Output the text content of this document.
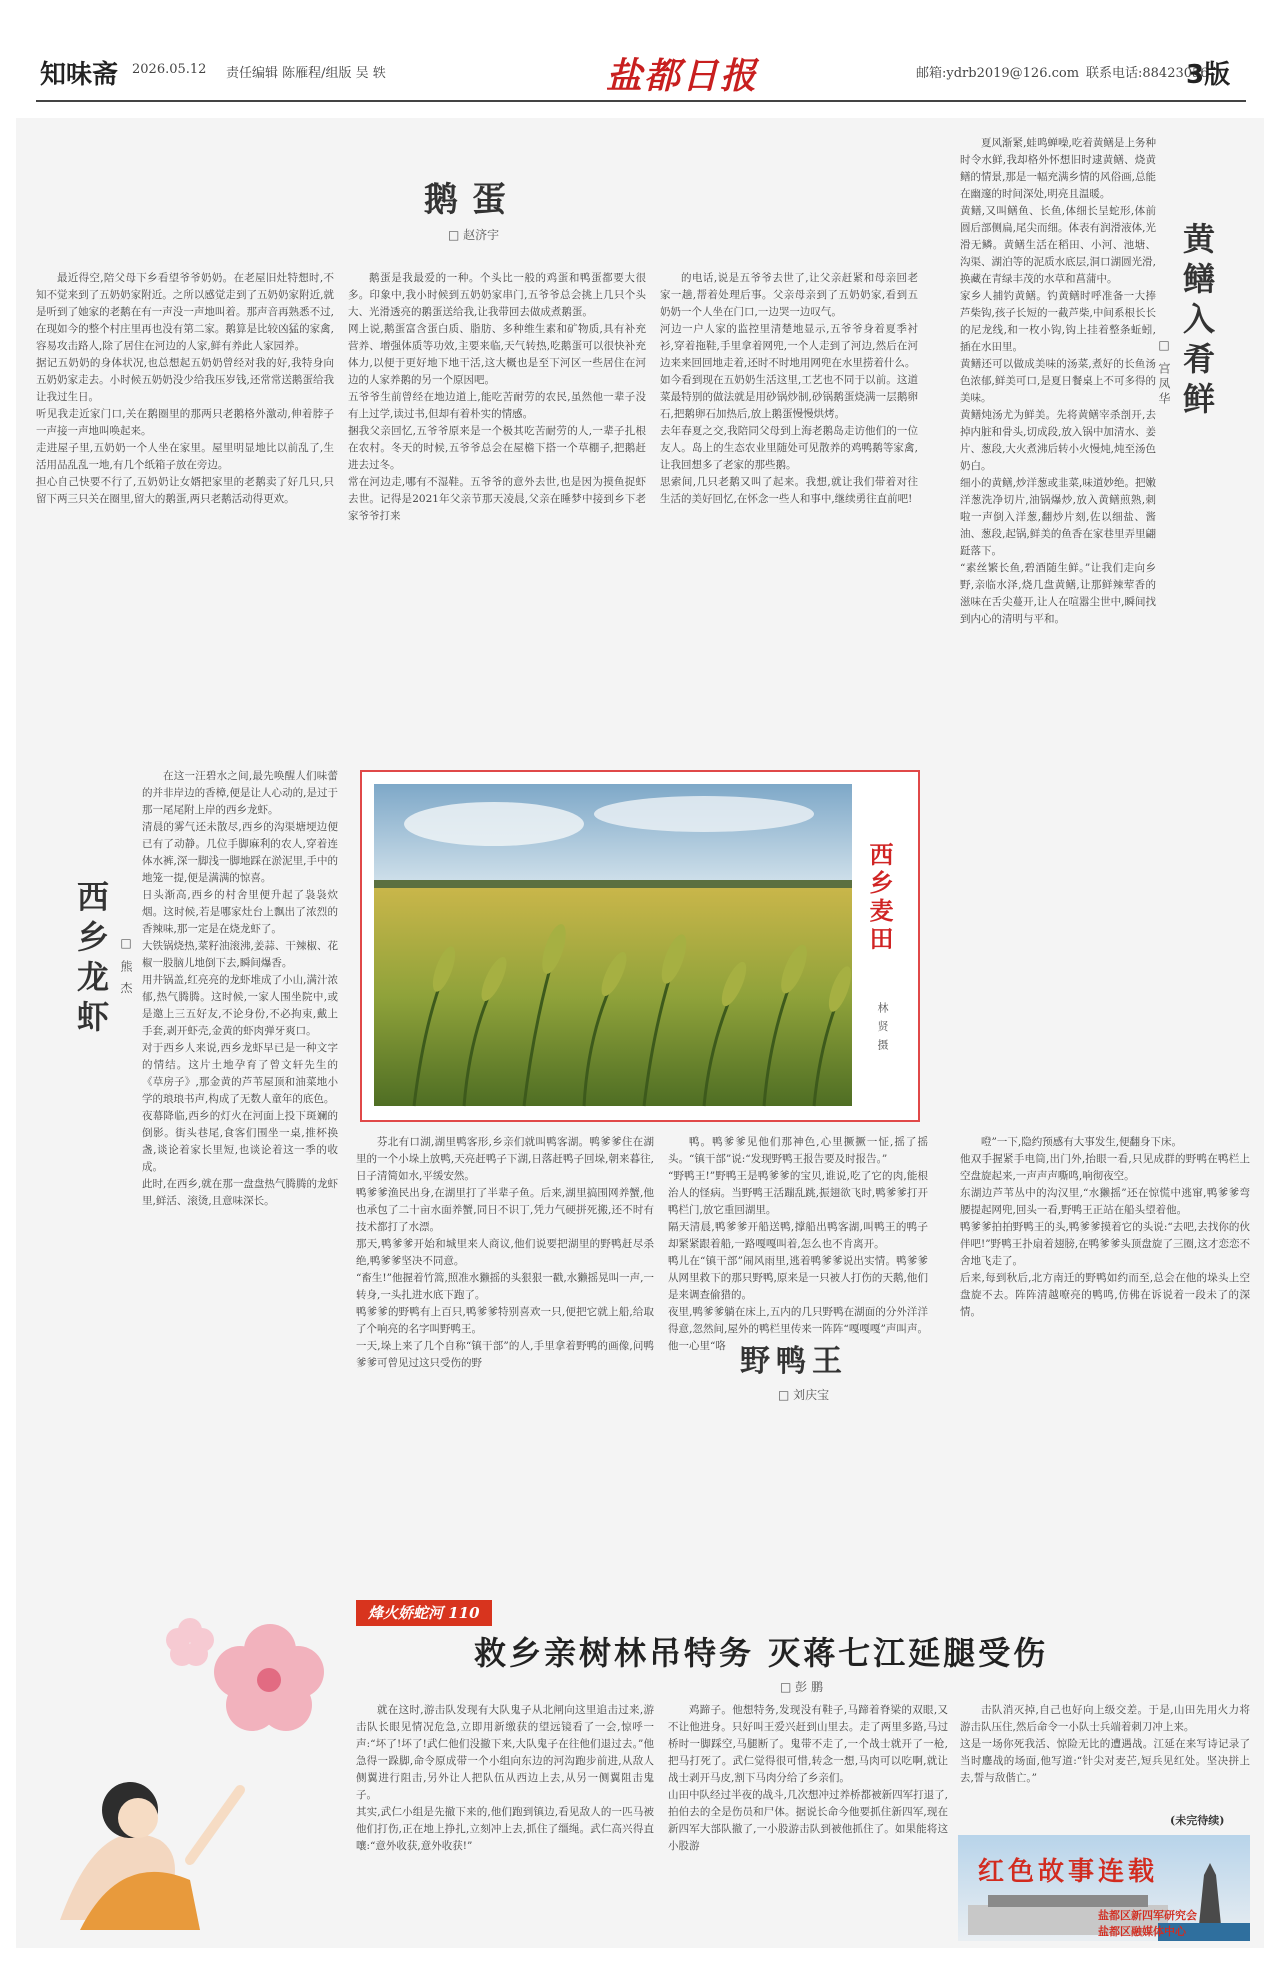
知味斋 2026.05.12 责任编辑 陈雁程/组版 吴 轶	盐都日报	邮箱:ydrb2019@126.com 联系电话:88423056
3版
鹅蛋
□ 赵济宇

最近得空,陪父母下乡看望爷爷奶奶。在老屋旧灶特想时,不知不觉来到了五奶奶家附近。之所以感觉走到了五奶奶家附近,就是听到了她家的老鹅在有一声没一声地叫着。那声音再熟悉不过,在现如今的整个村庄里再也没有第二家。鹅算是比较凶猛的家禽,容易攻击路人,除了居住在河边的人家,鲜有养此人家园养。
据记五奶奶的身体状况,也总想起五奶奶曾经对我的好,我特身向五奶奶家走去。小时候五奶奶没少给我压岁钱,还常常送鹅蛋给我让我过生日。
听见我走近家门口,关在鹅圈里的那两只老鹅格外激动,伸着脖子一声接一声地叫唤起来。
走进屋子里,五奶奶一个人坐在家里。屋里明显地比以前乱了,生活用品乱乱一地,有几个纸箱子放在旁边。
担心自己快要不行了,五奶奶让女婿把家里的老鹅卖了好几只,只留下两三只关在圈里,留大的鹅蛋,两只老鹅活动得更欢。

鹅蛋是我最爱的一种。个头比一般的鸡蛋和鸭蛋都要大很多。印象中,我小时候到五奶奶家串门,五爷爷总会挑上几只个头大、光滑透亮的鹅蛋送给我,让我带回去做成煮鹅蛋。
网上说,鹅蛋富含蛋白质、脂肪、多种维生素和矿物质,具有补充营养、增强体质等功效,主要来临,天气转热,吃鹅蛋可以很快补充体力,以便于更好地下地干活,这大概也是至下河区一些居住在河边的人家养鹅的另一个原因吧。
五爷爷生前曾经在地边道上,能吃苦耐劳的农民,虽然他一辈子没有上过学,读过书,但却有着朴实的情感。
捆我父亲回忆,五爷爷原来是一个极其吃苦耐劳的人,一辈子扎根在农村。冬天的时候,五爷爷总会在屋檐下搭一个草棚子,把鹅赶进去过冬。
常在河边走,哪有不湿鞋。五爷爷的意外去世,也是因为摸鱼捉虾去世。记得是2021年父亲节那天凌晨,父亲在睡梦中接到乡下老家爷爷打来

的电话,说是五爷爷去世了,让父亲赶紧和母亲回老家一趟,帮着处理后事。父亲母亲到了五奶奶家,看到五奶奶一个人坐在门口,一边哭一边叹气。
河边一户人家的监控里清楚地显示,五爷爷身着夏季衬衫,穿着拖鞋,手里拿着网兜,一个人走到了河边,然后在河边来来回回地走着,还时不时地用网兜在水里捞着什么。
如今看到现在五奶奶生活这里,工艺也不同于以前。这道菜最特别的做法就是用砂锅炒制,砂锅鹅蛋烧满一层鹅卵石,把鹅卵石加热后,放上鹅蛋慢慢烘烤。
去年春夏之交,我陪同父母到上海老鹅岛走访他们的一位友人。岛上的生态农业里随处可见散养的鸡鸭鹅等家禽,让我回想多了老家的那些鹅。
思索间,几只老鹅又叫了起来。我想,就让我们带着对往生活的美好回忆,在怀念一些人和事中,继续勇往直前吧!

黄鳝入肴鲜
□ 宫凤华

夏风渐紧,蛙鸣蝉噪,吃着黄鳝是上务种时令水鲜,我却格外怀想旧时逮黄鳝、烧黄鳝的情景,那是一幅充满乡情的风俗画,总能在幽邃的时间深处,明亮且温暖。
黄鳝,又叫鳝鱼、长鱼,体细长呈蛇形,体前圆后部侧扁,尾尖而细。体表有润滑液体,光滑无鳞。黄鳝生活在稻田、小河、池塘、沟渠、湖泊等的泥质水底层,洞口湖圆光滑,换藏在青绿丰茂的水草和菖蒲中。
家乡人捕钓黄鳝。钓黄鳝时呼准备一大捧芦柴钩,孩子长短的一截芦柴,中间系根长长的尼龙线,和一枚小钩,钩上挂着整条蚯蚓,插在水田里。
黄鳝还可以做成美味的汤菜,煮好的长鱼汤色浓郁,鲜美可口,是夏日餐桌上不可多得的美味。
黄鳝炖汤尤为鲜美。先将黄鳝宰杀剖开,去掉内脏和骨头,切成段,放入锅中加清水、姜片、葱段,大火煮沸后转小火慢炖,炖至汤色奶白。
细小的黄鳝,炒洋葱或韭菜,味道妙绝。把嫩洋葱洗净切片,油锅爆炒,放入黄鳝煎熟,刺啦一声倒入洋葱,翻炒片刻,佐以细盐、酱油、葱段,起锅,鲜美的鱼香在家巷里弄里翩跹落下。
“素丝繁长鱼,碧酒随生鲜。”让我们走向乡野,亲临水泽,烧几盘黄鳝,让那鲜辣荤香的滋味在舌尖蔓开,让人在喧嚣尘世中,瞬间找到内心的清明与平和。

西乡龙虾 □ 熊 杰

在这一汪碧水之间,最先唤醒人们味蕾的并非岸边的香樟,便是让人心动的,是过于那一尾尾附上岸的西乡龙虾。
清晨的雾气还未散尽,西乡的沟渠塘埂边便已有了动静。几位手脚麻利的农人,穿着连体水裤,深一脚浅一脚地踩在淤泥里,手中的地笼一提,便是满满的惊喜。
日头渐高,西乡的村舍里便升起了袅袅炊烟。这时候,若是哪家灶台上飘出了浓烈的香辣味,那一定是在烧龙虾了。
大铁锅烧热,菜籽油滚沸,姜蒜、干辣椒、花椒一股脑儿地倒下去,瞬间爆香。
用井锅盖,红亮亮的龙虾堆成了小山,满汁浓郁,热气腾腾。这时候,一家人围坐院中,或是邀上三五好友,不论身份,不必拘束,戴上手套,剥开虾壳,金黄的虾肉弹牙爽口。
对于西乡人来说,西乡龙虾早已是一种文字的情结。这片土地孕育了曾文轩先生的《草房子》,那金黄的芦苇屋顶和油菜地小学的琅琅书声,构成了无数人童年的底色。
夜幕降临,西乡的灯火在河面上投下斑斓的倒影。街头巷尾,食客们围坐一桌,推杯换盏,谈论着家长里短,也谈论着这一季的收成。
此时,在西乡,就在那一盘盘热气腾腾的龙虾里,鲜活、滚烫,且意味深长。

西乡麦田
林 贤 摄

芬北有口湖,湖里鸭客形,乡亲们就叫鸭客湖。鸭爹爹住在湖里的一个小垛上放鸭,天亮赶鸭子下湖,日落赶鸭子回垛,朝来暮往,日子清简如水,平缓安然。
鸭爹爹渔民出身,在湖里打了半辈子鱼。后来,湖里搞围网养蟹,他也承包了二十亩水面养蟹,同日不识丁,凭力气硬拼死搬,还不时有技术都打了水漂。
那天,鸭爹爹开始和城里来人商议,他们说要把湖里的野鸭赶尽杀绝,鸭爹爹坚决不同意。
“畜生!”他握着竹篙,照准水獭摇的头狠狠一戳,水獭摇晃叫一声,一转身,一头扎进水底下跑了。
鸭爹爹的野鸭有上百只,鸭爹爹特别喜欢一只,便把它就上船,给取了个响亮的名字叫野鸭王。
一天,垛上来了几个自称“镇干部”的人,手里拿着野鸭的画像,问鸭爹爹可曾见过这只受伤的野

鸭。鸭爹爹见他们那神色,心里撅撅一怔,摇了摇头。“镇干部”说:“发现野鸭王报告要及时报告。”
“野鸭王!”野鸭王是鸭爹爹的宝贝,谁说,吃了它的肉,能根治人的怪病。当野鸭王活蹦乱跳,振翅欲飞时,鸭爹爹打开鸭栏门,放它重回湖里。
隔天清晨,鸭爹爹开船送鸭,撑船出鸭客湖,叫鸭王的鸭子却紧紧跟着船,一路嘎嘎叫着,怎么也不肯离开。
鸭儿在“镇干部”闹风雨里,逃着鸭爹爹说出实情。鸭爹爹从网里救下的那只野鸭,原来是一只被人打伤的天鹅,他们是来调查偷猎的。
夜里,鸭爹爹躺在床上,五内的几只野鸭在湖面的分外洋洋得意,忽然间,屋外的鸭栏里传来一阵阵“嘎嘎嘎”声叫声。他一心里“咯 野鸭王
□ 刘庆宝

噔”一下,隐约预感有大事发生,便翻身下床。
他双手握紧手电筒,出门外,抬眼一看,只见成群的野鸭在鸭栏上空盘旋起来,一声声声嘶鸣,响彻夜空。
东湖边芦苇丛中的沟汉里,“水獭摇”还在惊慌中逃窜,鸭爹爹弯腰提起网兜,回头一看,野鸭王正站在船头望着他。
鸭爹爹拍拍野鸭王的头,鸭爹爹摸着它的头说:“去吧,去找你的伙伴吧!”野鸭王扑扇着翅膀,在鸭爹爹头顶盘旋了三圈,这才恋恋不舍地飞走了。
后来,每到秋后,北方南迁的野鸭如约而至,总会在他的垛头上空盘旋不去。阵阵清越嘹亮的鸭鸣,仿佛在诉说着一段未了的深情。

烽火娇蛇河 110
救乡亲树林吊特务 灭蒋七江延腿受伤
□ 彭 鹏

就在这时,游击队发现有大队鬼子从北闸向这里追击过来,游击队长眼见情况危急,立即用新缴获的望远镜看了一会,惊呼一声:“坏了!坏了!武仁他们没撤下来,大队鬼子在往他们退过去。”他急得一跺脚,命令原成带一个小组向东边的河沟跑步前进,从敌人侧翼进行阻击,另外让人把队伍从西边上去,从另一侧翼阻击鬼子。
其实,武仁小组是先撤下来的,他们跑到镇边,看见敌人的一匹马被他们打伤,正在地上挣扎,立刻冲上去,抓住了缰绳。武仁高兴得直嚷:“意外收获,意外收获!”

鸡蹄子。他想特务,发现没有鞋子,马蹄着脊梁的双眼,又不让他进身。只好叫王爱兴赶到山里去。走了两里多路,马过桥时一脚踩空,马腿断了。鬼带不走了,一个战士就开了一枪,把马打死了。武仁觉得很可惜,转念一想,马肉可以吃啊,就让战士剥开马皮,割下马肉分给了乡亲们。
山田中队经过半夜的战斗,几次想冲过养桥都被新四军打退了,拍伯去的全是伤员和尸体。据说长命今他要抓住新四军,现在新四军大部队撤了,一小股游击队到被他抓住了。如果能将这小股游

击队消灭掉,自己也好向上级交差。于是,山田先用火力将游击队压住,然后命令一小队士兵端着刺刀冲上来。
这是一场你死我活、惊险无比的遭遇战。江延在来写诗记录了当时鏖战的场面,他写道:“针尖对麦芒,短兵见红处。坚决拼上去,誓与敌偕亡。”

(未完待续)
红色故事连载
盐都区新四军研究会
盐都区融媒体中心
